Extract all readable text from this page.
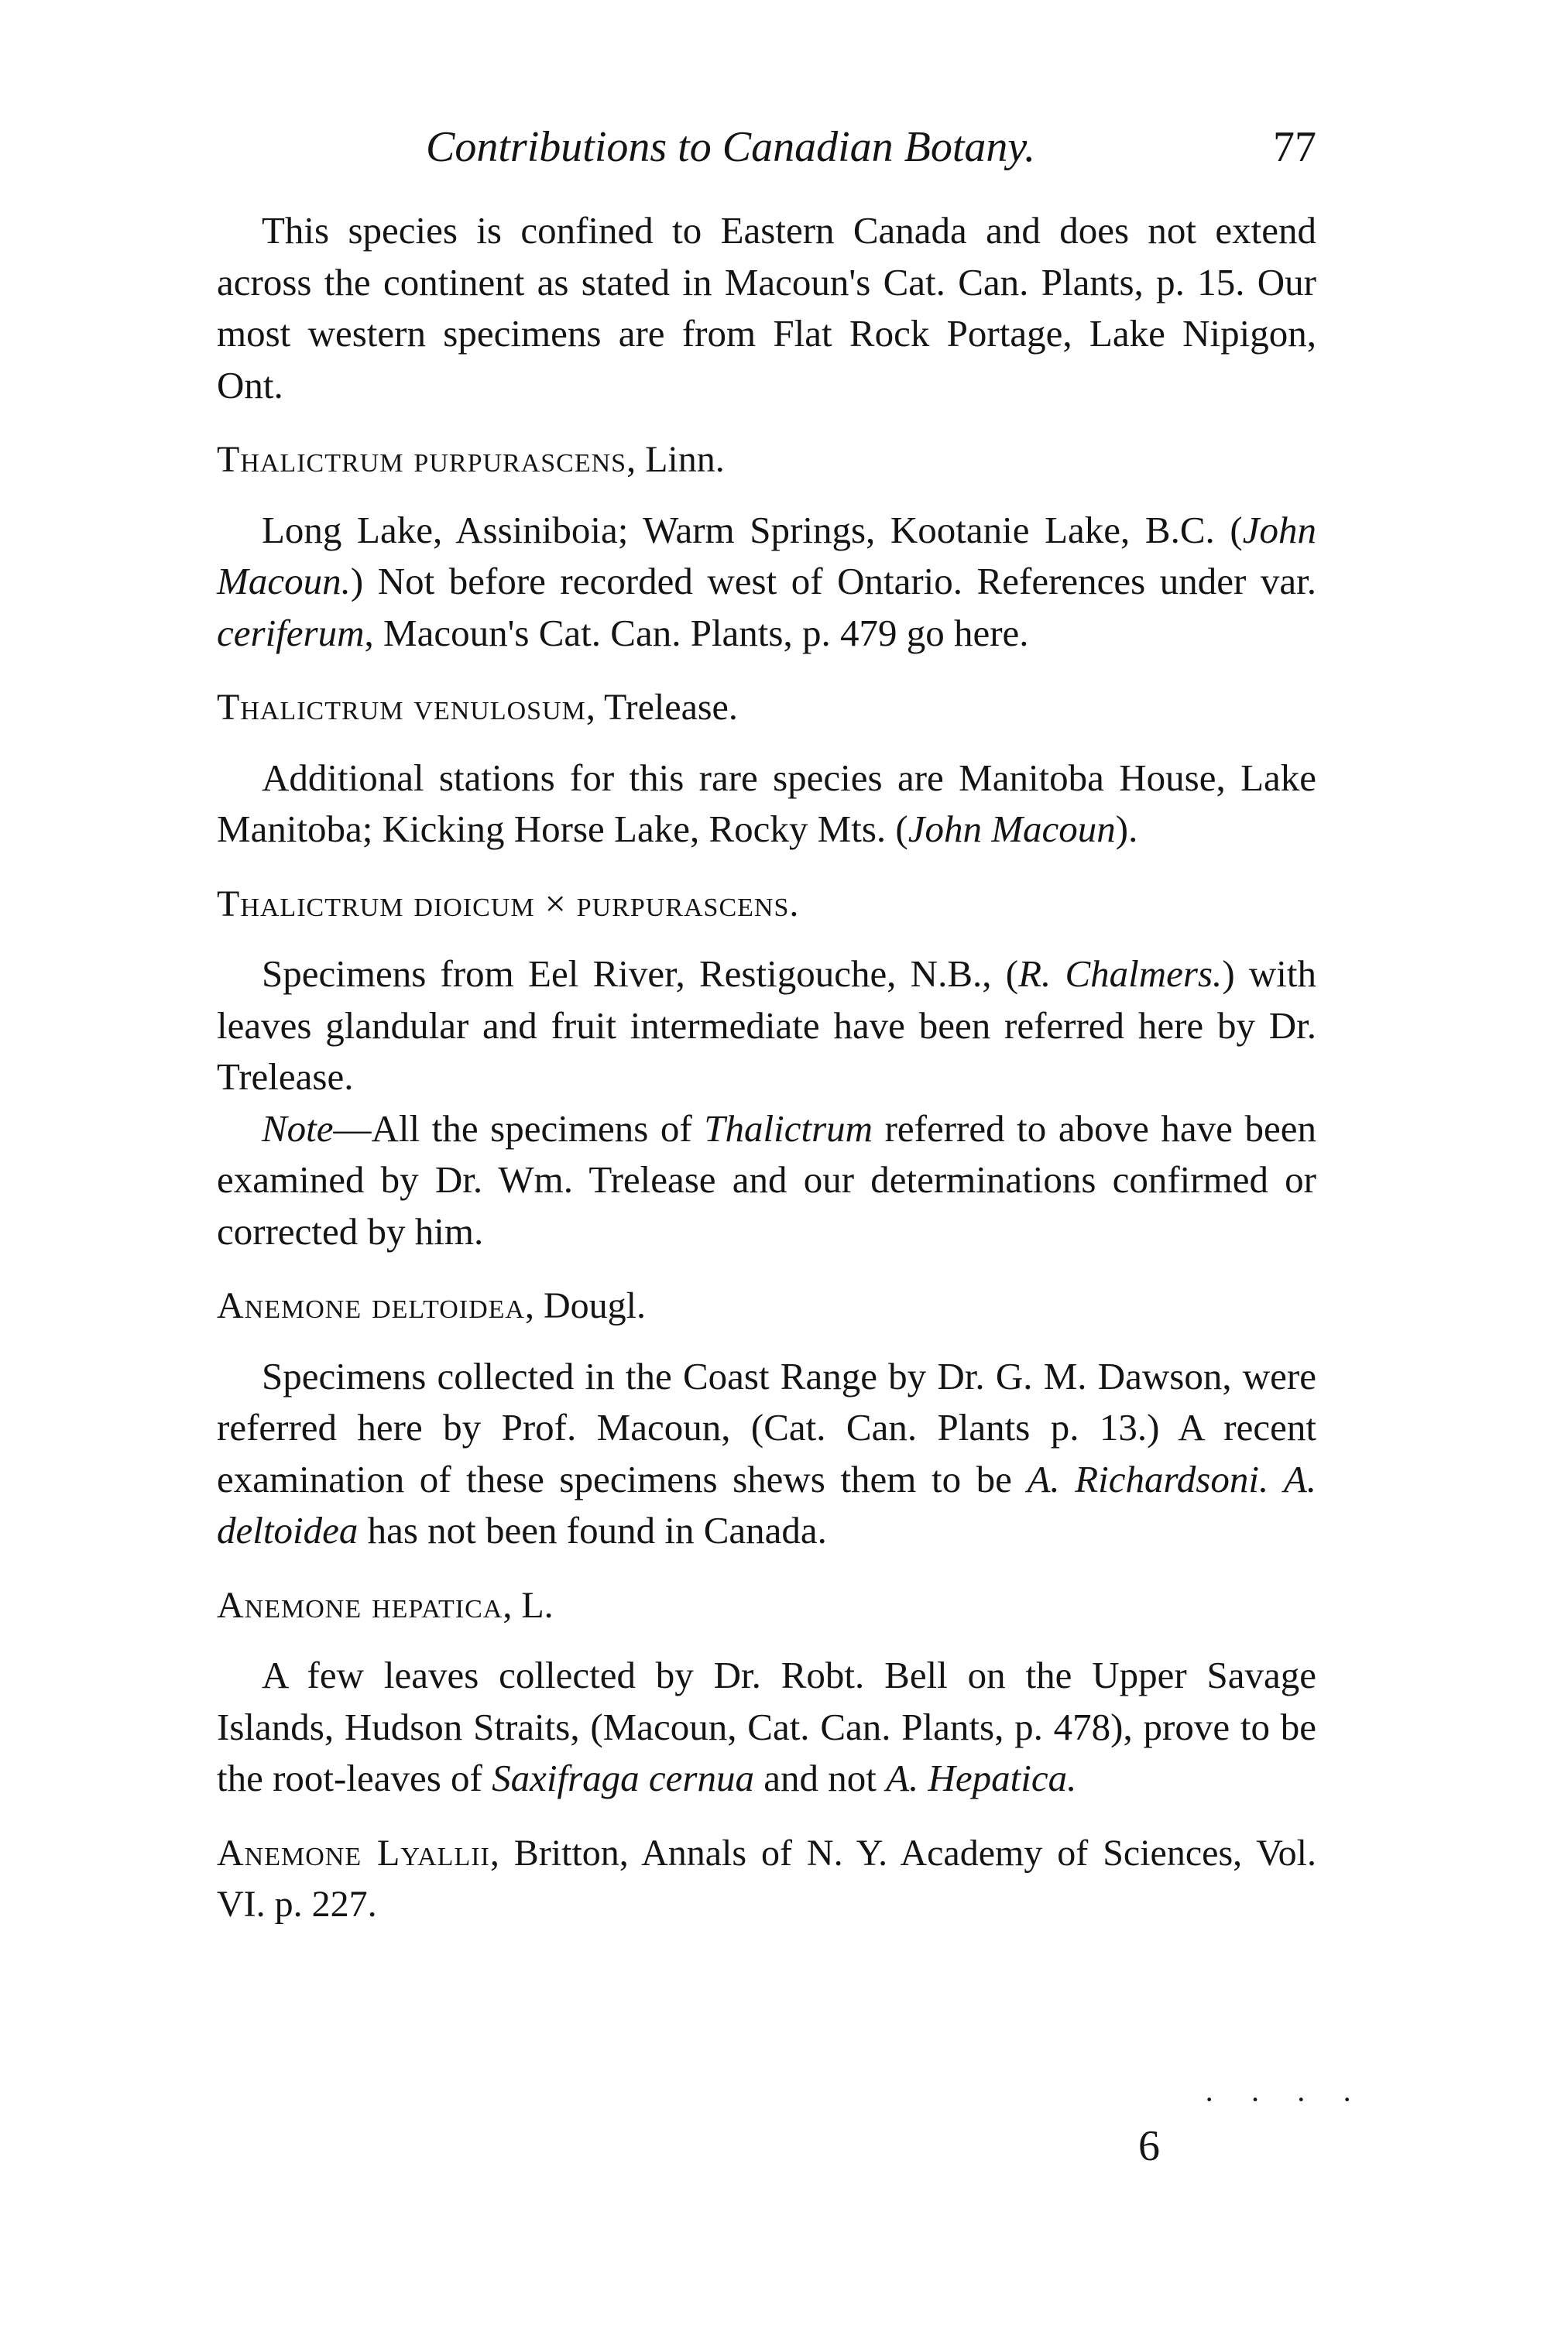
Contributions to Canadian Botany.	77

This species is confined to Eastern Canada and does not extend across the continent as stated in Macoun's Cat. Can. Plants, p. 15. Our most western specimens are from Flat Rock Portage, Lake Nipigon, Ont.

Thalictrum purpurascens, Linn.

Long Lake, Assiniboia; Warm Springs, Kootanie Lake, B.C. (John Macoun.) Not before recorded west of Ontario. References under var. ceriferum, Macoun's Cat. Can. Plants, p. 479 go here.

Thalictrum venulosum, Trelease.

Additional stations for this rare species are Manitoba House, Lake Manitoba; Kicking Horse Lake, Rocky Mts. (John Macoun).

Thalictrum dioicum × purpurascens.

Specimens from Eel River, Restigouche, N.B., (R. Chalmers.) with leaves glandular and fruit intermediate have been referred here by Dr. Trelease.

Note—All the specimens of Thalictrum referred to above have been examined by Dr. Wm. Trelease and our determinations confirmed or corrected by him.

Anemone deltoidea, Dougl.

Specimens collected in the Coast Range by Dr. G. M. Dawson, were referred here by Prof. Macoun, (Cat. Can. Plants p. 13.) A recent examination of these specimens shews them to be A. Richardsoni. A. deltoidea has not been found in Canada.

Anemone hepatica, L.

A few leaves collected by Dr. Robt. Bell on the Upper Savage Islands, Hudson Straits, (Macoun, Cat. Can. Plants, p. 478), prove to be the root-leaves of Saxifraga cernua and not A. Hepatica.

Anemone Lyallii, Britton, Annals of N. Y. Academy of Sciences, Vol. VI. p. 227.

· · · ·
6
